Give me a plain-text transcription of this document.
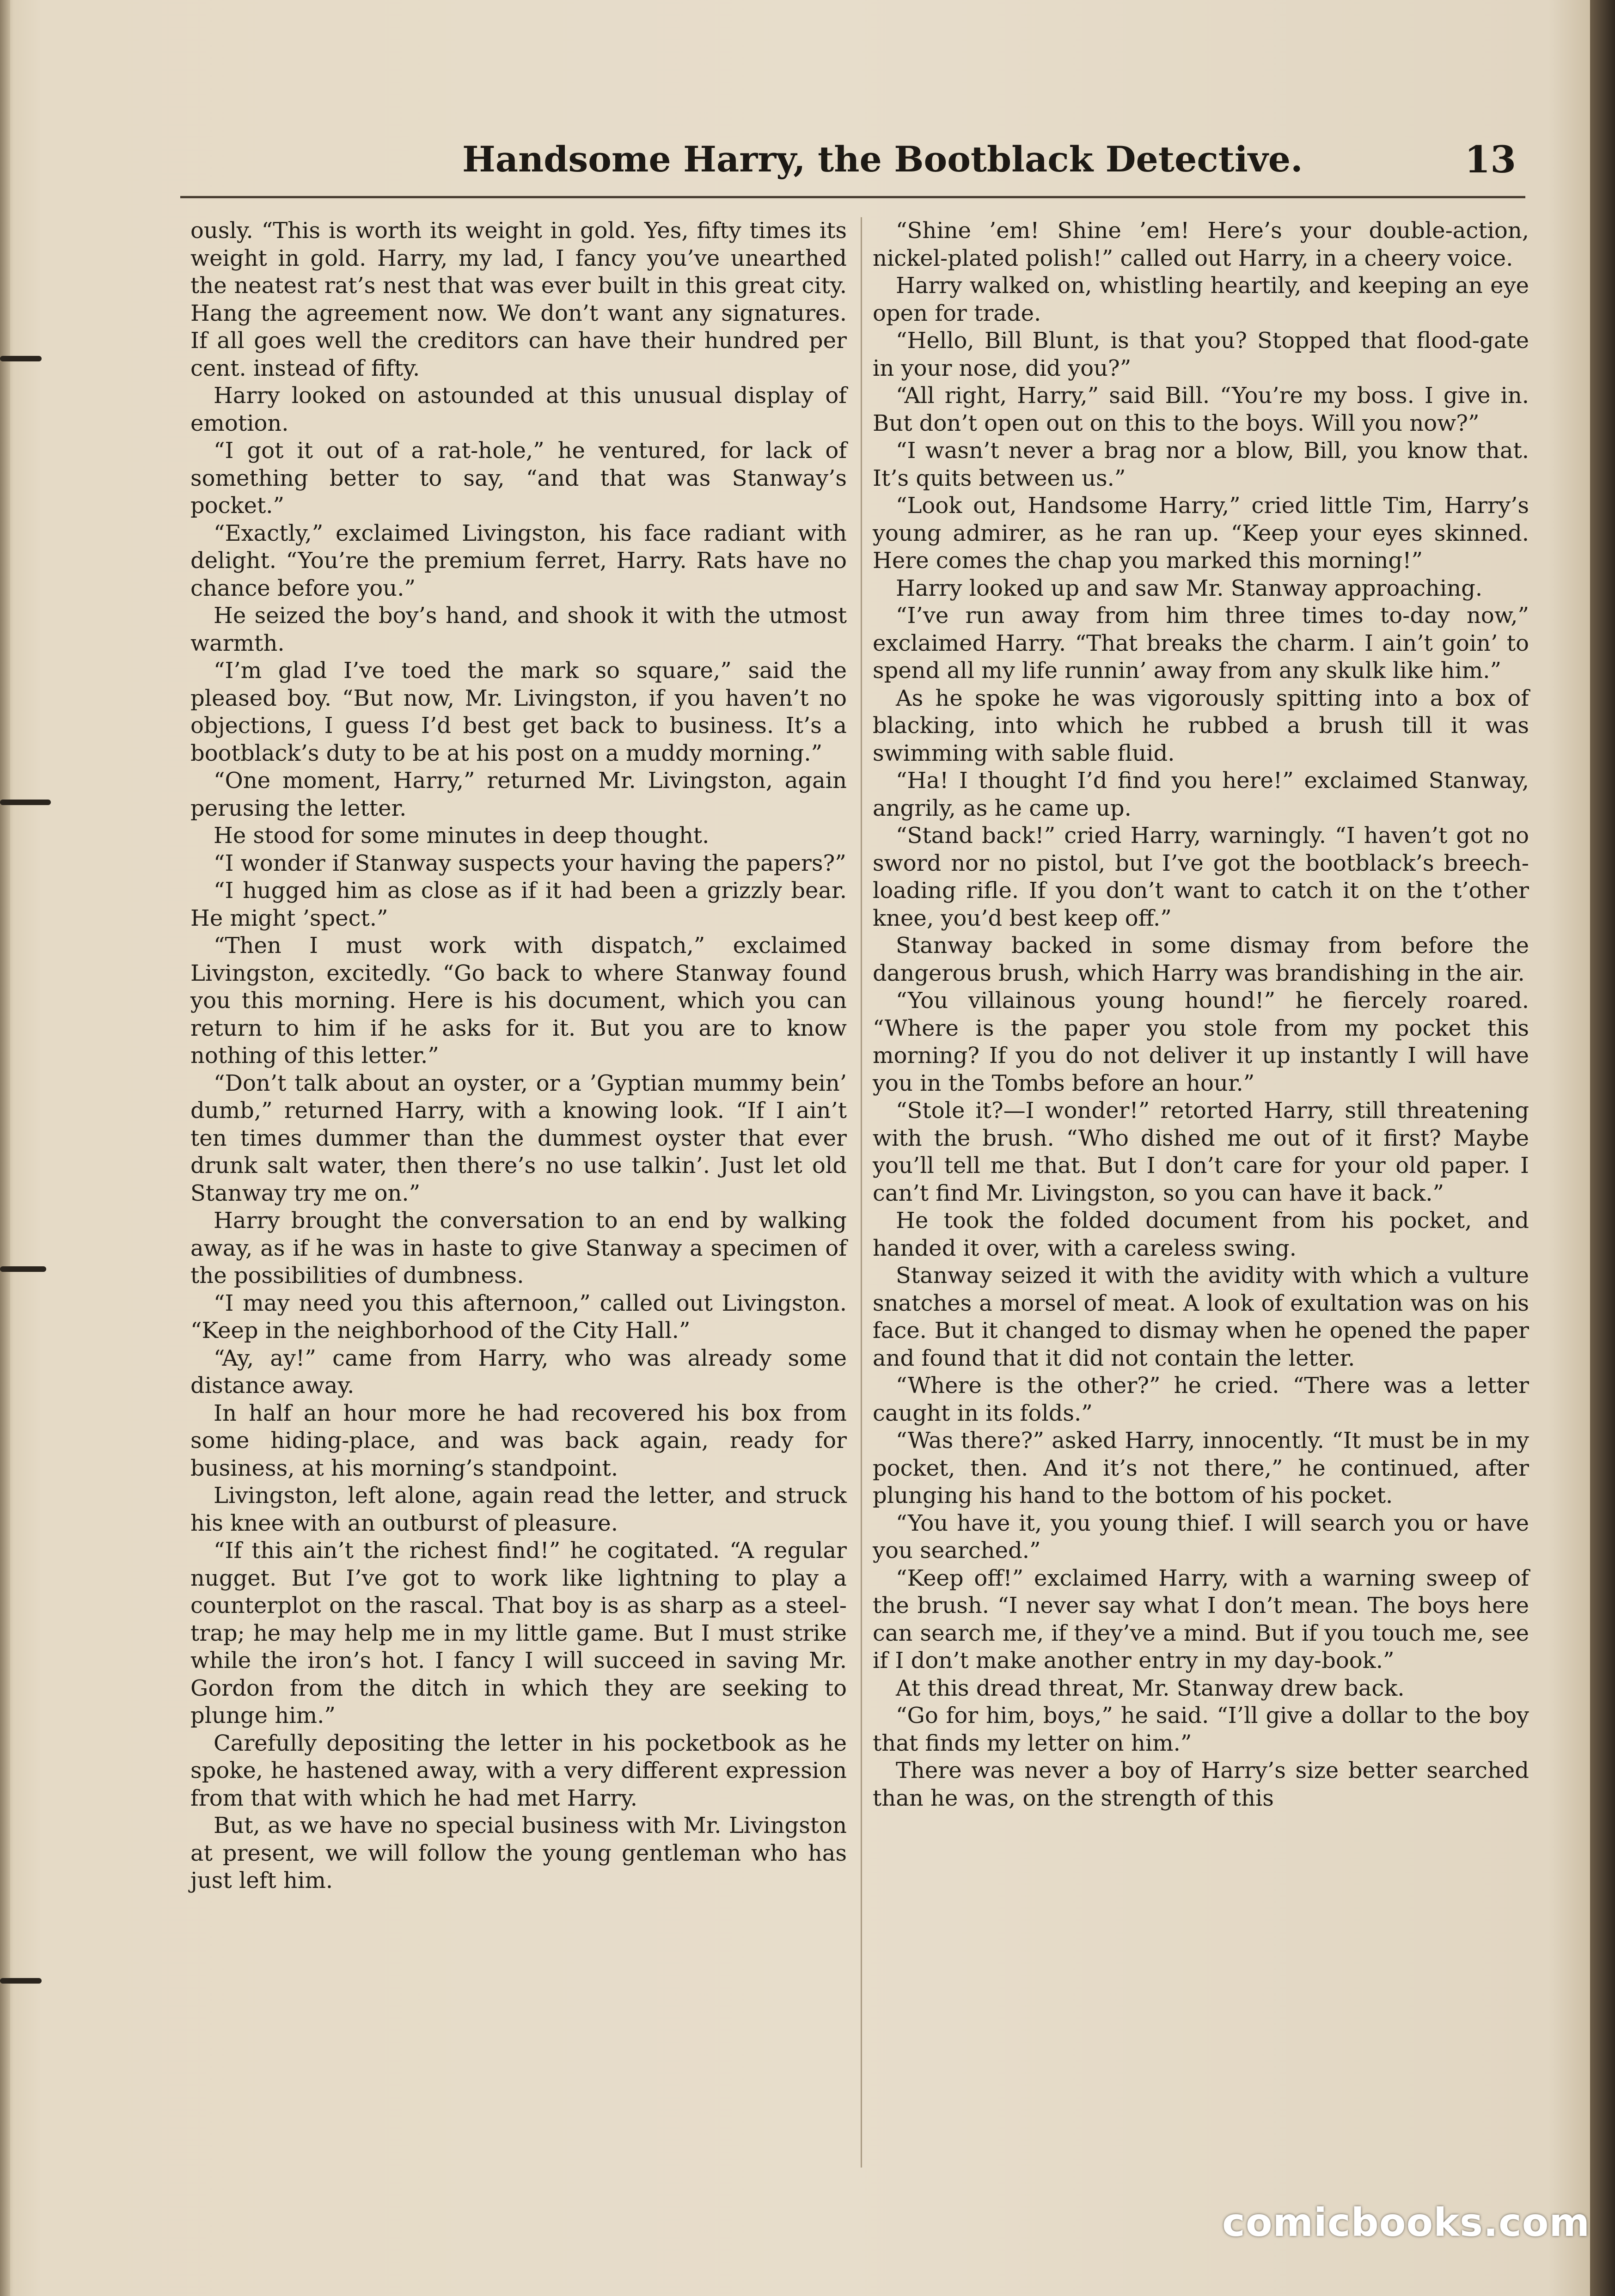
Handsome Harry, the Bootblack Detective.	13

ously. “This is worth its weight in gold. Yes, fifty times its weight in gold. Harry, my lad, I fancy you’ve unearthed the neatest rat’s nest that was ever built in this great city. Hang the agreement now. We don’t want any signatures. If all goes well the creditors can have their hundred per cent. instead of fifty.

Harry looked on astounded at this unusual display of emotion.

“I got it out of a rat-hole,” he ventured, for lack of something better to say, “and that was Stanway’s pocket.”

“Exactly,” exclaimed Livingston, his face radiant with delight. “You’re the premium ferret, Harry. Rats have no chance before you.”

He seized the boy’s hand, and shook it with the utmost warmth.

“I’m glad I’ve toed the mark so square,” said the pleased boy. “But now, Mr. Livingston, if you haven’t no objections, I guess I’d best get back to business. It’s a bootblack’s duty to be at his post on a muddy morning.”

“One moment, Harry,” returned Mr. Livingston, again perusing the letter.

He stood for some minutes in deep thought.

“I wonder if Stanway suspects your having the papers?”

“I hugged him as close as if it had been a grizzly bear. He might ’spect.”

“Then I must work with dispatch,” exclaimed Livingston, excitedly. “Go back to where Stanway found you this morning. Here is his document, which you can return to him if he asks for it. But you are to know nothing of this letter.”

“Don’t talk about an oyster, or a ’Gyptian mummy bein’ dumb,” returned Harry, with a knowing look. “If I ain’t ten times dummer than the dummest oyster that ever drunk salt water, then there’s no use talkin’. Just let old Stanway try me on.”

Harry brought the conversation to an end by walking away, as if he was in haste to give Stanway a specimen of the possibilities of dumbness.

“I may need you this afternoon,” called out Livingston. “Keep in the neighborhood of the City Hall.”

“Ay, ay!” came from Harry, who was already some distance away.

In half an hour more he had recovered his box from some hiding-place, and was back again, ready for business, at his morning’s standpoint.

Livingston, left alone, again read the letter, and struck his knee with an outburst of pleasure.

“If this ain’t the richest find!” he cogitated. “A regular nugget. But I’ve got to work like lightning to play a counterplot on the rascal. That boy is as sharp as a steel-trap; he may help me in my little game. But I must strike while the iron’s hot. I fancy I will succeed in saving Mr. Gordon from the ditch in which they are seeking to plunge him.”

Carefully depositing the letter in his pocketbook as he spoke, he hastened away, with a very different expression from that with which he had met Harry.

But, as we have no special business with Mr. Livingston at present, we will follow the young gentleman who has just left him.

“Shine ’em! Shine ’em! Here’s your double-action, nickel-plated polish!” called out Harry, in a cheery voice.

Harry walked on, whistling heartily, and keeping an eye open for trade.

“Hello, Bill Blunt, is that you? Stopped that flood-gate in your nose, did you?”

“All right, Harry,” said Bill. “You’re my boss. I give in. But don’t open out on this to the boys. Will you now?”

“I wasn’t never a brag nor a blow, Bill, you know that. It’s quits between us.”

“Look out, Handsome Harry,” cried little Tim, Harry’s young admirer, as he ran up. “Keep your eyes skinned. Here comes the chap you marked this morning!”

Harry looked up and saw Mr. Stanway approaching.

“I’ve run away from him three times to-day now,” exclaimed Harry. “That breaks the charm. I ain’t goin’ to spend all my life runnin’ away from any skulk like him.”

As he spoke he was vigorously spitting into a box of blacking, into which he rubbed a brush till it was swimming with sable fluid.

“Ha! I thought I’d find you here!” exclaimed Stanway, angrily, as he came up.

“Stand back!” cried Harry, warningly. “I haven’t got no sword nor no pistol, but I’ve got the bootblack’s breech-loading rifle. If you don’t want to catch it on the t’other knee, you’d best keep off.”

Stanway backed in some dismay from before the dangerous brush, which Harry was brandishing in the air.

“You villainous young hound!” he fiercely roared. “Where is the paper you stole from my pocket this morning? If you do not deliver it up instantly I will have you in the Tombs before an hour.”

“Stole it?—I wonder!” retorted Harry, still threatening with the brush. “Who dished me out of it first? Maybe you’ll tell me that. But I don’t care for your old paper. I can’t find Mr. Livingston, so you can have it back.”

He took the folded document from his pocket, and handed it over, with a careless swing.

Stanway seized it with the avidity with which a vulture snatches a morsel of meat. A look of exultation was on his face. But it changed to dismay when he opened the paper and found that it did not contain the letter.

“Where is the other?” he cried. “There was a letter caught in its folds.”

“Was there?” asked Harry, innocently. “It must be in my pocket, then. And it’s not there,” he continued, after plunging his hand to the bottom of his pocket.

“You have it, you young thief. I will search you or have you searched.”

“Keep off!” exclaimed Harry, with a warning sweep of the brush. “I never say what I don’t mean. The boys here can search me, if they’ve a mind. But if you touch me, see if I don’t make another entry in my day-book.”

At this dread threat, Mr. Stanway drew back.

“Go for him, boys,” he said. “I’ll give a dollar to the boy that finds my letter on him.”

There was never a boy of Harry’s size better searched than he was, on the strength of this

comicbooks.com
